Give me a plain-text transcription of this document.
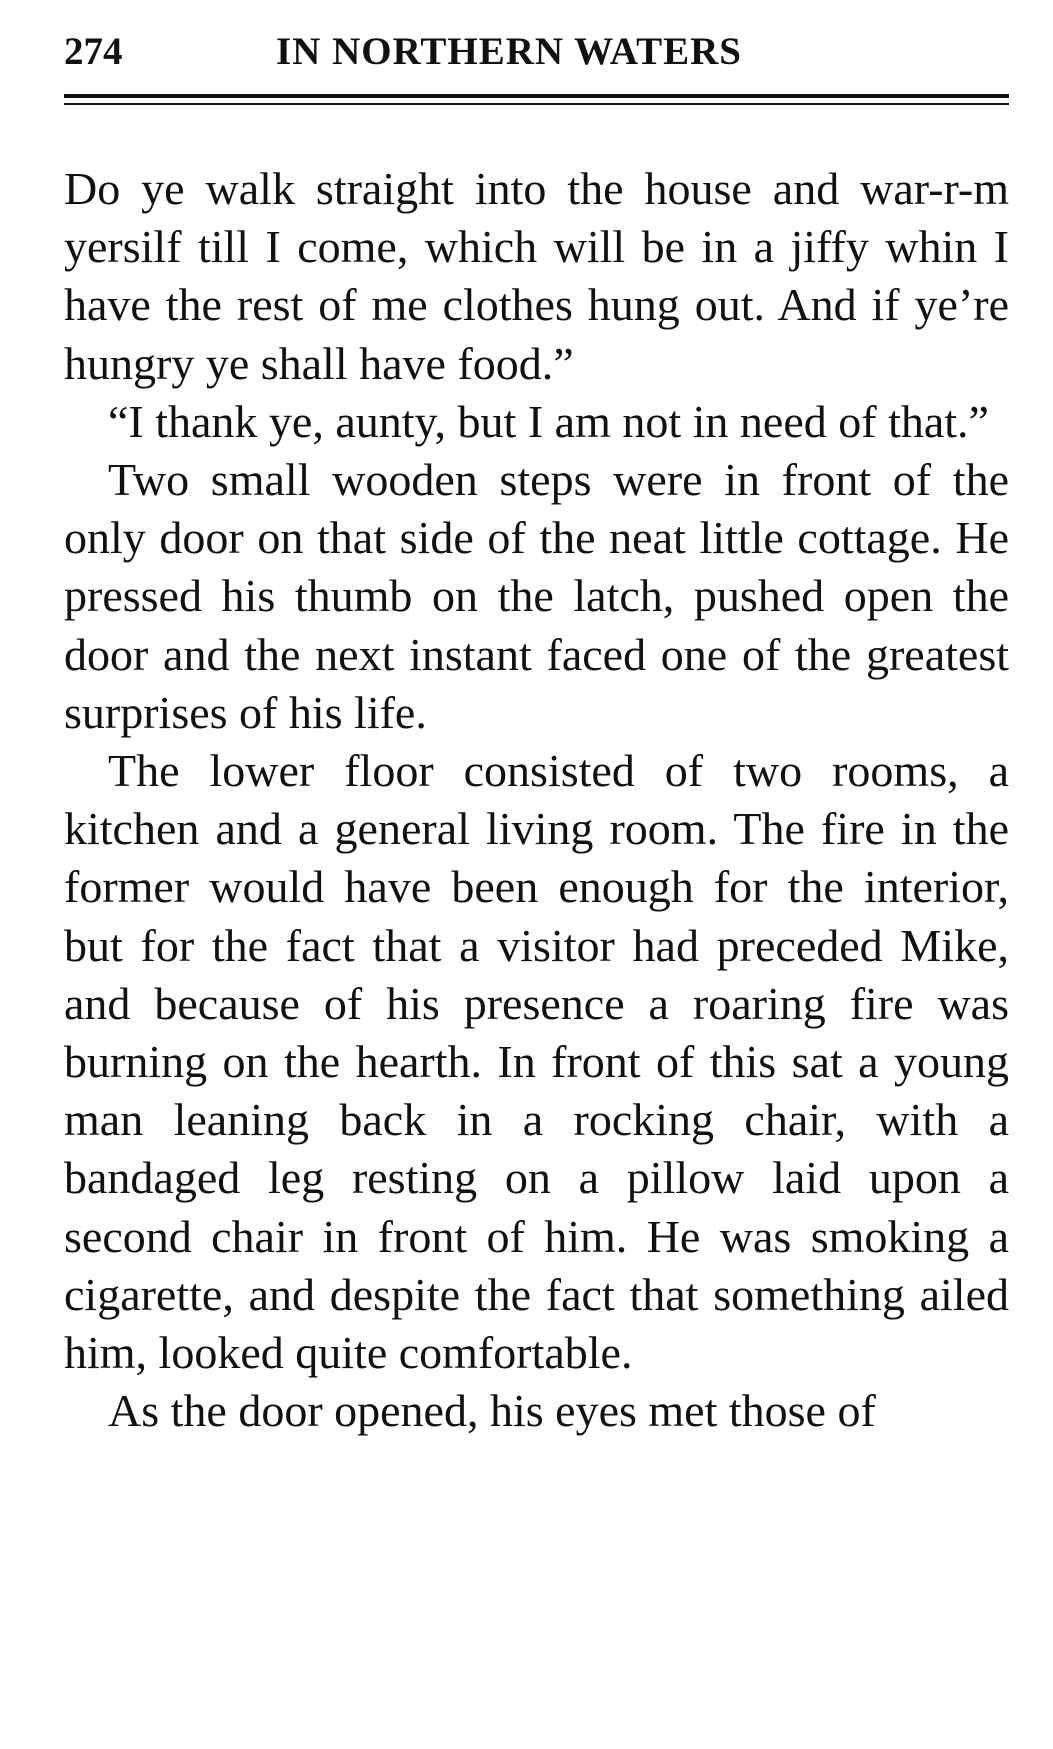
274	IN NORTHERN WATERS

Do ye walk straight into the house and war-r-m yersilf till I come, which will be in a jiffy whin I have the rest of me clothes hung out. And if ye’re hungry ye shall have food.”

“I thank ye, aunty, but I am not in need of that.”

Two small wooden steps were in front of the only door on that side of the neat little cottage. He pressed his thumb on the latch, pushed open the door and the next instant faced one of the greatest surprises of his life.

The lower floor consisted of two rooms, a kitchen and a general living room. The fire in the former would have been enough for the interior, but for the fact that a visitor had preceded Mike, and because of his presence a roaring fire was burning on the hearth. In front of this sat a young man leaning back in a rocking chair, with a bandaged leg resting on a pillow laid upon a second chair in front of him. He was smoking a cigarette, and despite the fact that something ailed him, looked quite comfortable.

As the door opened, his eyes met those of
